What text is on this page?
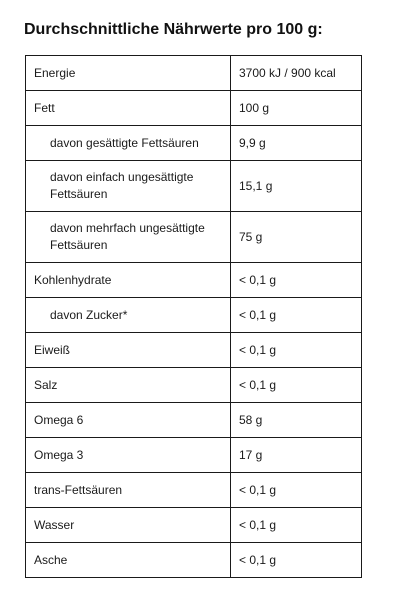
Durchschnittliche Nährwerte pro 100 g:
Energie	3700 kJ / 900 kcal
Fett	100 g
davon gesättigte Fettsäuren	9,9 g
davon einfach ungesättigte Fettsäuren	15,1 g
davon mehrfach ungesättigte Fettsäuren	75 g
Kohlenhydrate	< 0,1 g
davon Zucker*	< 0,1 g
Eiweiß	< 0,1 g
Salz	< 0,1 g
Omega 6	58 g
Omega 3	17 g
trans-Fettsäuren	< 0,1 g
Wasser	< 0,1 g
Asche	< 0,1 g
